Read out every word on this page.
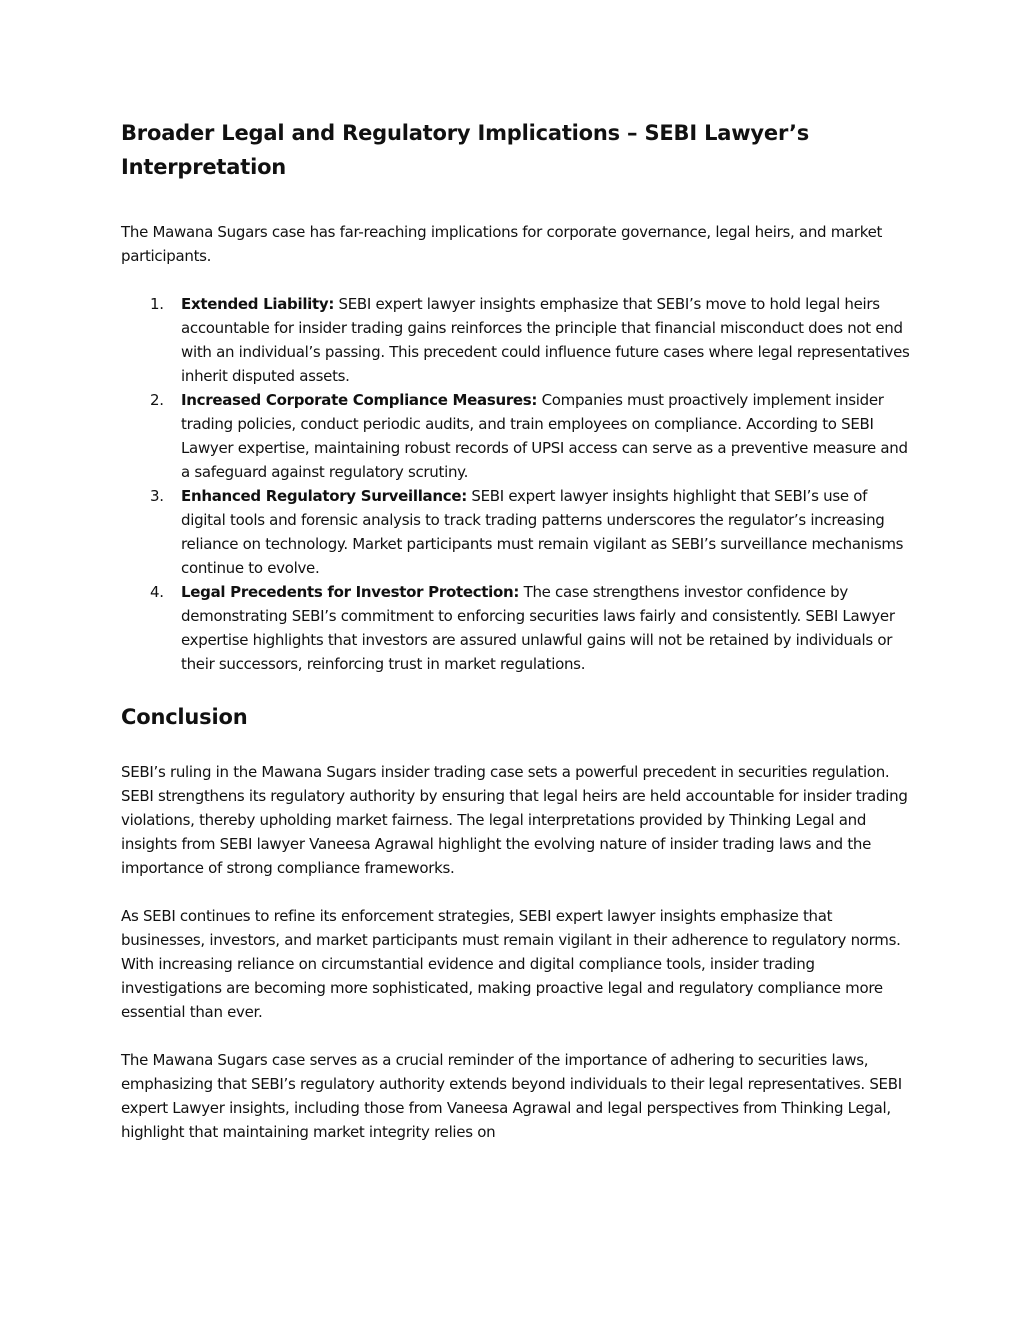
Broader Legal and Regulatory Implications – SEBI Lawyer’s Interpretation

The Mawana Sugars case has far-reaching implications for corporate governance, legal heirs, and market participants.

1. Extended Liability: SEBI expert lawyer insights emphasize that SEBI’s move to hold legal heirs accountable for insider trading gains reinforces the principle that financial misconduct does not end with an individual’s passing. This precedent could influence future cases where legal representatives inherit disputed assets.
2. Increased Corporate Compliance Measures: Companies must proactively implement insider trading policies, conduct periodic audits, and train employees on compliance. According to SEBI Lawyer expertise, maintaining robust records of UPSI access can serve as a preventive measure and a safeguard against regulatory scrutiny.
3. Enhanced Regulatory Surveillance: SEBI expert lawyer insights highlight that SEBI’s use of digital tools and forensic analysis to track trading patterns underscores the regulator’s increasing reliance on technology. Market participants must remain vigilant as SEBI’s surveillance mechanisms continue to evolve.
4. Legal Precedents for Investor Protection: The case strengthens investor confidence by demonstrating SEBI’s commitment to enforcing securities laws fairly and consistently. SEBI Lawyer expertise highlights that investors are assured unlawful gains will not be retained by individuals or their successors, reinforcing trust in market regulations.
Conclusion

SEBI’s ruling in the Mawana Sugars insider trading case sets a powerful precedent in securities regulation. SEBI strengthens its regulatory authority by ensuring that legal heirs are held accountable for insider trading violations, thereby upholding market fairness. The legal interpretations provided by Thinking Legal and insights from SEBI lawyer Vaneesa Agrawal highlight the evolving nature of insider trading laws and the importance of strong compliance frameworks.

As SEBI continues to refine its enforcement strategies, SEBI expert lawyer insights emphasize that businesses, investors, and market participants must remain vigilant in their adherence to regulatory norms. With increasing reliance on circumstantial evidence and digital compliance tools, insider trading investigations are becoming more sophisticated, making proactive legal and regulatory compliance more essential than ever.

The Mawana Sugars case serves as a crucial reminder of the importance of adhering to securities laws, emphasizing that SEBI’s regulatory authority extends beyond individuals to their legal representatives. SEBI expert Lawyer insights, including those from Vaneesa Agrawal and legal perspectives from Thinking Legal, highlight that maintaining market integrity relies on
